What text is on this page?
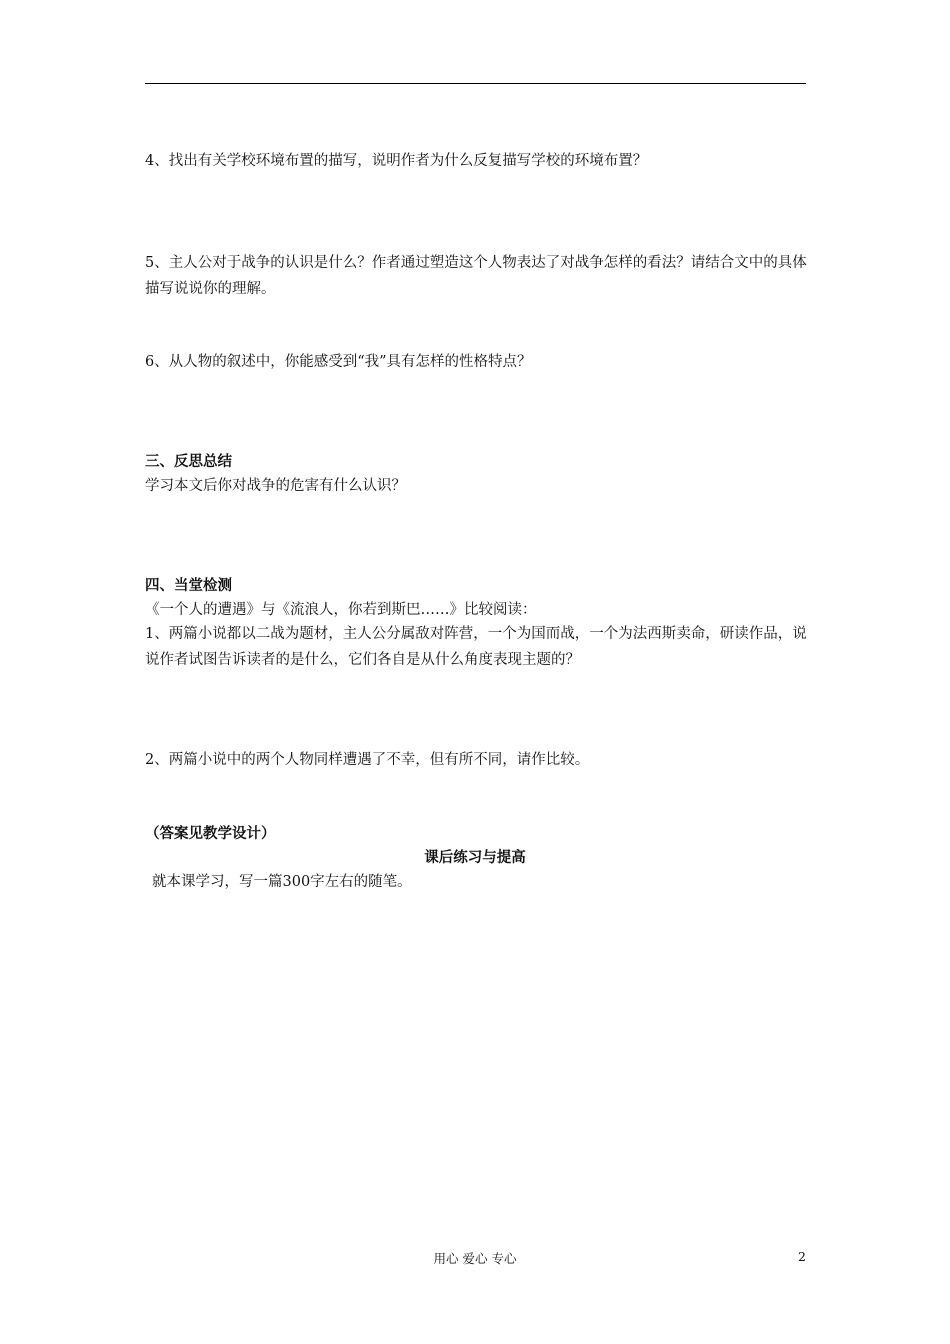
4、找出有关学校环境布置的描写，说明作者为什么反复描写学校的环境布置？
5、主人公对于战争的认识是什么？作者通过塑造这个人物表达了对战争怎样的看法？请结合文中的具体描写说说你的理解。
6、从人物的叙述中，你能感受到“我”具有怎样的性格特点？
三、反思总结
学习本文后你对战争的危害有什么认识？
四、当堂检测
《一个人的遭遇》与《流浪人，你若到斯巴……》比较阅读：
1、两篇小说都以二战为题材，主人公分属敌对阵营，一个为国而战，一个为法西斯卖命，研读作品，说说作者试图告诉读者的是什么，它们各自是从什么角度表现主题的？
2、两篇小说中的两个人物同样遭遇了不幸，但有所不同，请作比较。
（答案见教学设计）
课后练习与提高
就本课学习，写一篇300字左右的随笔。
用心 爱心 专心	2
